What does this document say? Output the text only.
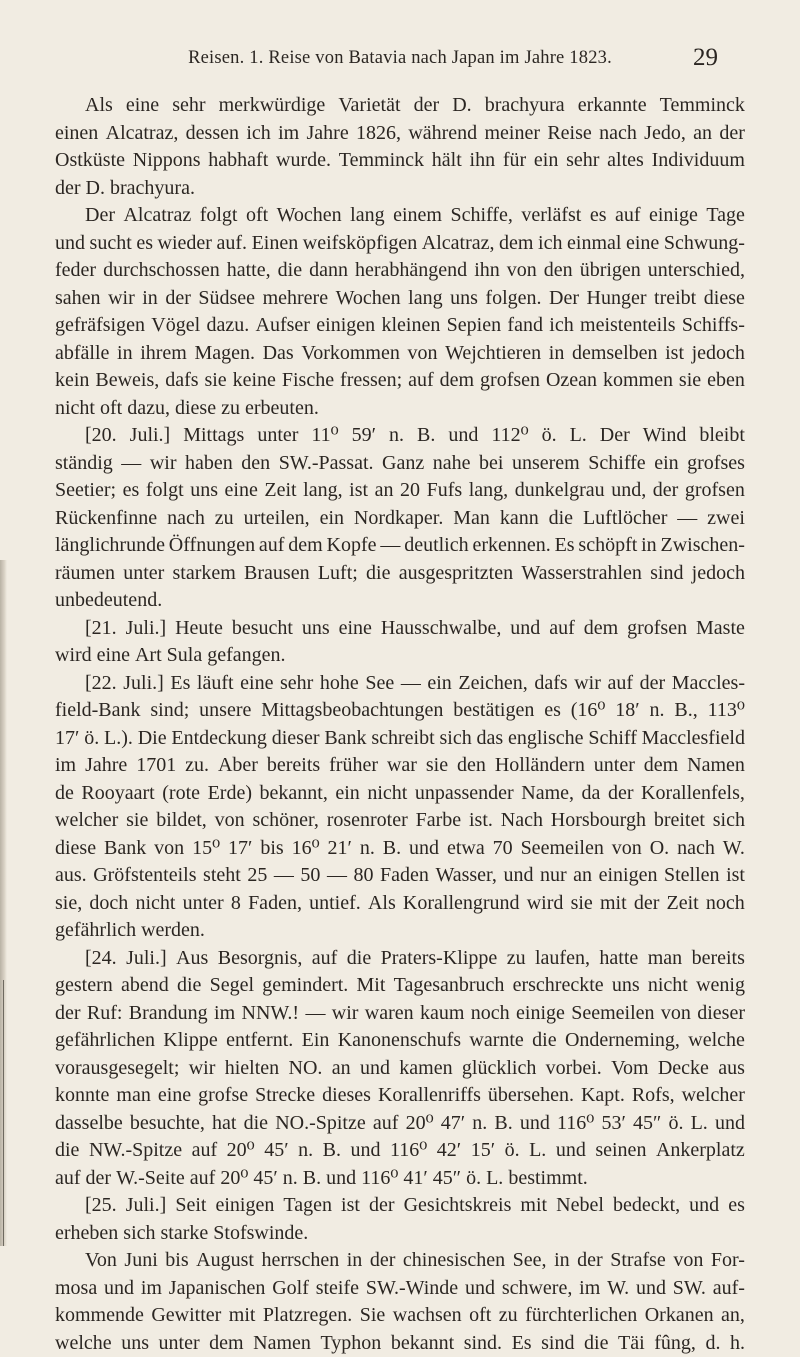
Reisen. 1. Reise von Batavia nach Japan im Jahre 1823.	29
Als eine sehr merkwürdige Varietät der D. brachyura erkannte Temminck
einen Alcatraz, dessen ich im Jahre 1826, während meiner Reise nach Jedo, an der
Ostküste Nippons habhaft wurde. Temminck hält ihn für ein sehr altes Individuum
der D. brachyura.
Der Alcatraz folgt oft Wochen lang einem Schiffe, verläfst es auf einige Tage
und sucht es wieder auf. Einen weifsköpfigen Alcatraz, dem ich einmal eine Schwung-
feder durchschossen hatte, die dann herabhängend ihn von den übrigen unterschied,
sahen wir in der Südsee mehrere Wochen lang uns folgen. Der Hunger treibt diese
gefräfsigen Vögel dazu. Aufser einigen kleinen Sepien fand ich meistenteils Schiffs-
abfälle in ihrem Magen. Das Vorkommen von Wejchtieren in demselben ist jedoch
kein Beweis, dafs sie keine Fische fressen; auf dem grofsen Ozean kommen sie eben
nicht oft dazu, diese zu erbeuten.
[20. Juli.] Mittags unter 11⁰ 59′ n. B. und 112⁰ ö. L. Der Wind bleibt
ständig — wir haben den SW.-Passat. Ganz nahe bei unserem Schiffe ein grofses
Seetier; es folgt uns eine Zeit lang, ist an 20 Fufs lang, dunkelgrau und, der grofsen
Rückenfinne nach zu urteilen, ein Nordkaper. Man kann die Luftlöcher — zwei
länglichrunde Öffnungen auf dem Kopfe — deutlich erkennen. Es schöpft in Zwischen-
räumen unter starkem Brausen Luft; die ausgespritzten Wasserstrahlen sind jedoch
unbedeutend.
[21. Juli.] Heute besucht uns eine Hausschwalbe, und auf dem grofsen Maste
wird eine Art Sula gefangen.
[22. Juli.] Es läuft eine sehr hohe See — ein Zeichen, dafs wir auf der Maccles-
field-Bank sind; unsere Mittagsbeobachtungen bestätigen es (16⁰ 18′ n. B., 113⁰
17′ ö. L.). Die Entdeckung dieser Bank schreibt sich das englische Schiff Macclesfield
im Jahre 1701 zu. Aber bereits früher war sie den Holländern unter dem Namen
de Rooyaart (rote Erde) bekannt, ein nicht unpassender Name, da der Korallenfels,
welcher sie bildet, von schöner, rosenroter Farbe ist. Nach Horsbourgh breitet sich
diese Bank von 15⁰ 17′ bis 16⁰ 21′ n. B. und etwa 70 Seemeilen von O. nach W.
aus. Gröfstenteils steht 25 — 50 — 80 Faden Wasser, und nur an einigen Stellen ist
sie, doch nicht unter 8 Faden, untief. Als Korallengrund wird sie mit der Zeit noch
gefährlich werden.
[24. Juli.] Aus Besorgnis, auf die Praters-Klippe zu laufen, hatte man bereits
gestern abend die Segel gemindert. Mit Tagesanbruch erschreckte uns nicht wenig
der Ruf: Brandung im NNW.! — wir waren kaum noch einige Seemeilen von dieser
gefährlichen Klippe entfernt. Ein Kanonenschufs warnte die Onderneming, welche
vorausgesegelt; wir hielten NO. an und kamen glücklich vorbei. Vom Decke aus
konnte man eine grofse Strecke dieses Korallenriffs übersehen. Kapt. Rofs, welcher
dasselbe besuchte, hat die NO.-Spitze auf 20⁰ 47′ n. B. und 116⁰ 53′ 45″ ö. L. und
die NW.-Spitze auf 20⁰ 45′ n. B. und 116⁰ 42′ 15′ ö. L. und seinen Ankerplatz
auf der W.-Seite auf 20⁰ 45′ n. B. und 116⁰ 41′ 45″ ö. L. bestimmt.
[25. Juli.] Seit einigen Tagen ist der Gesichtskreis mit Nebel bedeckt, und es
erheben sich starke Stofswinde.
Von Juni bis August herrschen in der chinesischen See, in der Strafse von For-
mosa und im Japanischen Golf steife SW.-Winde und schwere, im W. und SW. auf-
kommende Gewitter mit Platzregen. Sie wachsen oft zu fürchterlichen Orkanen an,
welche uns unter dem Namen Typhon bekannt sind. Es sind die Täi fûng, d. h.
